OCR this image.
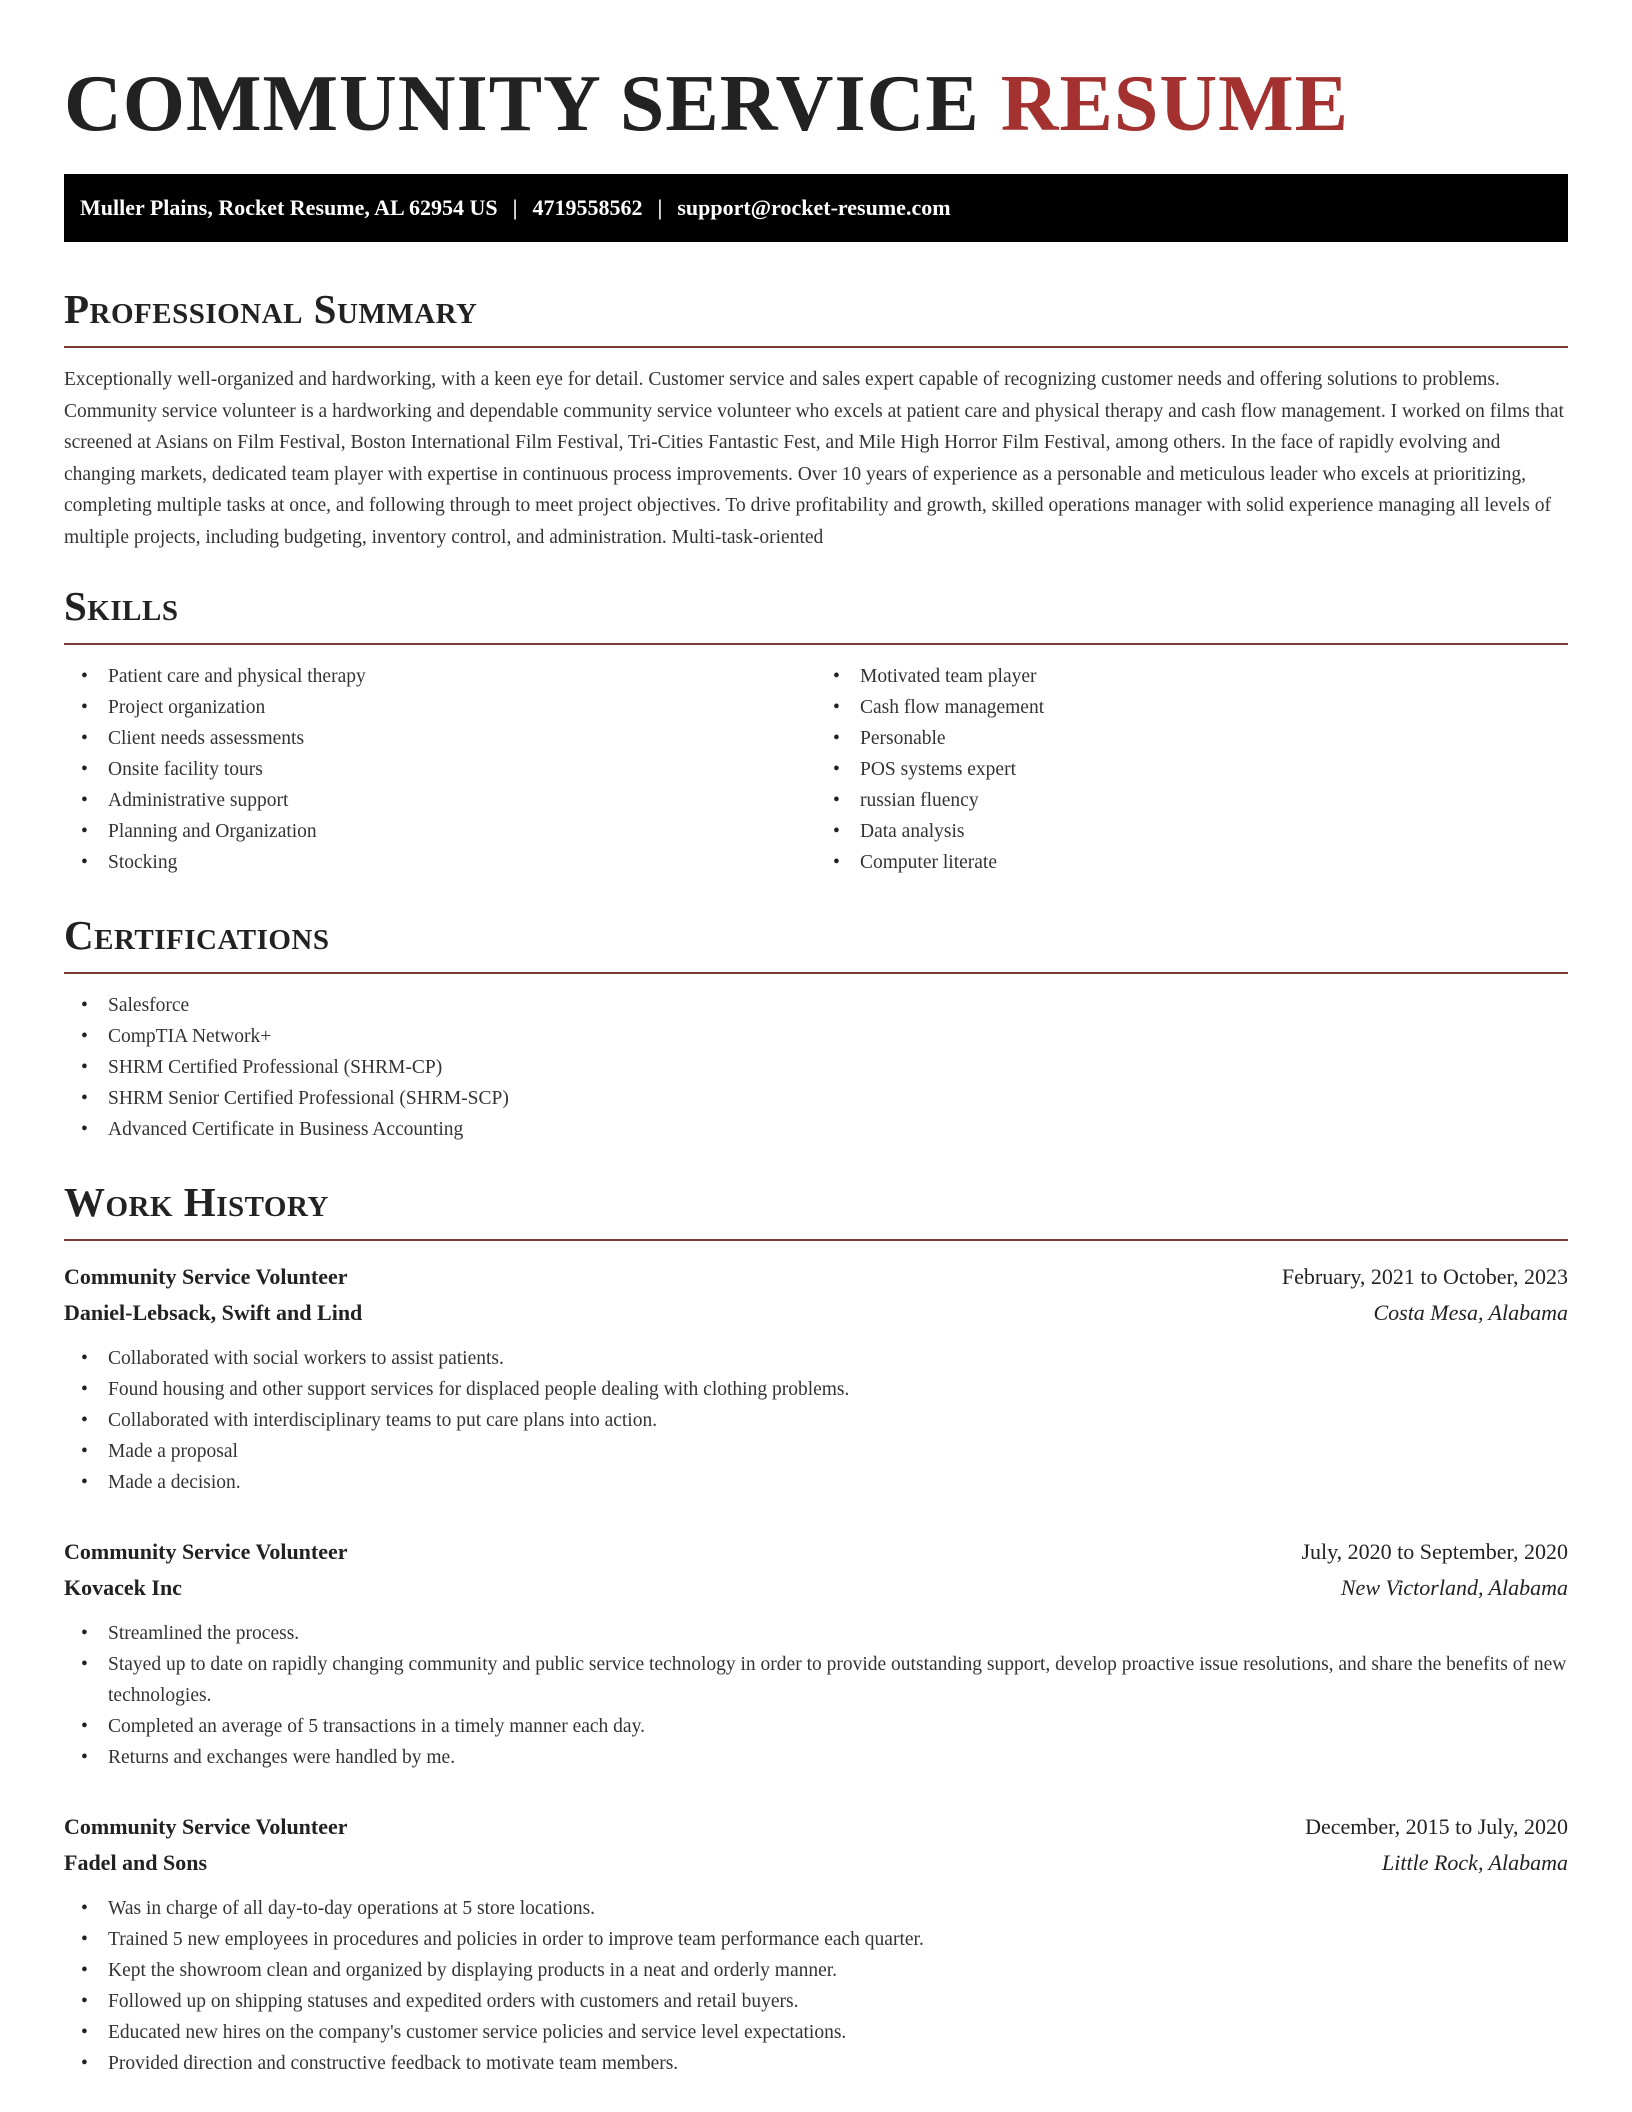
COMMUNITY SERVICE RESUME
Muller Plains, Rocket Resume, AL 62954 US | 4719558562 | support@rocket-resume.com
Professional Summary

Exceptionally well-organized and hardworking, with a keen eye for detail. Customer service and sales expert capable of recognizing customer needs and offering solutions to problems. Community service volunteer is a hardworking and dependable community service volunteer who excels at patient care and physical therapy and cash flow management. I worked on films that screened at Asians on Film Festival, Boston International Film Festival, Tri-Cities Fantastic Fest, and Mile High Horror Film Festival, among others. In the face of rapidly evolving and changing markets, dedicated team player with expertise in continuous process improvements. Over 10 years of experience as a personable and meticulous leader who excels at prioritizing, completing multiple tasks at once, and following through to meet project objectives. To drive profitability and growth, skilled operations manager with solid experience managing all levels of multiple projects, including budgeting, inventory control, and administration. Multi-task-oriented

Skills
• Patient care and physical therapy
• Project organization
• Client needs assessments
• Onsite facility tours
• Administrative support
• Planning and Organization
• Stocking
• Motivated team player
• Cash flow management
• Personable
• POS systems expert
• russian fluency
• Data analysis
• Computer literate
Certifications
• Salesforce
• CompTIA Network+
• SHRM Certified Professional (SHRM-CP)
• SHRM Senior Certified Professional (SHRM-SCP)
• Advanced Certificate in Business Accounting
Work History
Community Service Volunteer	February, 2021 to October, 2023
Daniel-Lebsack, Swift and Lind	Costa Mesa, Alabama
• Collaborated with social workers to assist patients.
• Found housing and other support services for displaced people dealing with clothing problems.
• Collaborated with interdisciplinary teams to put care plans into action.
• Made a proposal
• Made a decision.
Community Service Volunteer	July, 2020 to September, 2020
Kovacek Inc	New Victorland, Alabama
• Streamlined the process.
• Stayed up to date on rapidly changing community and public service technology in order to provide outstanding support, develop proactive issue resolutions, and share the benefits of new technologies.
• Completed an average of 5 transactions in a timely manner each day.
• Returns and exchanges were handled by me.
Community Service Volunteer	December, 2015 to July, 2020
Fadel and Sons	Little Rock, Alabama
• Was in charge of all day-to-day operations at 5 store locations.
• Trained 5 new employees in procedures and policies in order to improve team performance each quarter.
• Kept the showroom clean and organized by displaying products in a neat and orderly manner.
• Followed up on shipping statuses and expedited orders with customers and retail buyers.
• Educated new hires on the company's customer service policies and service level expectations.
• Provided direction and constructive feedback to motivate team members.
